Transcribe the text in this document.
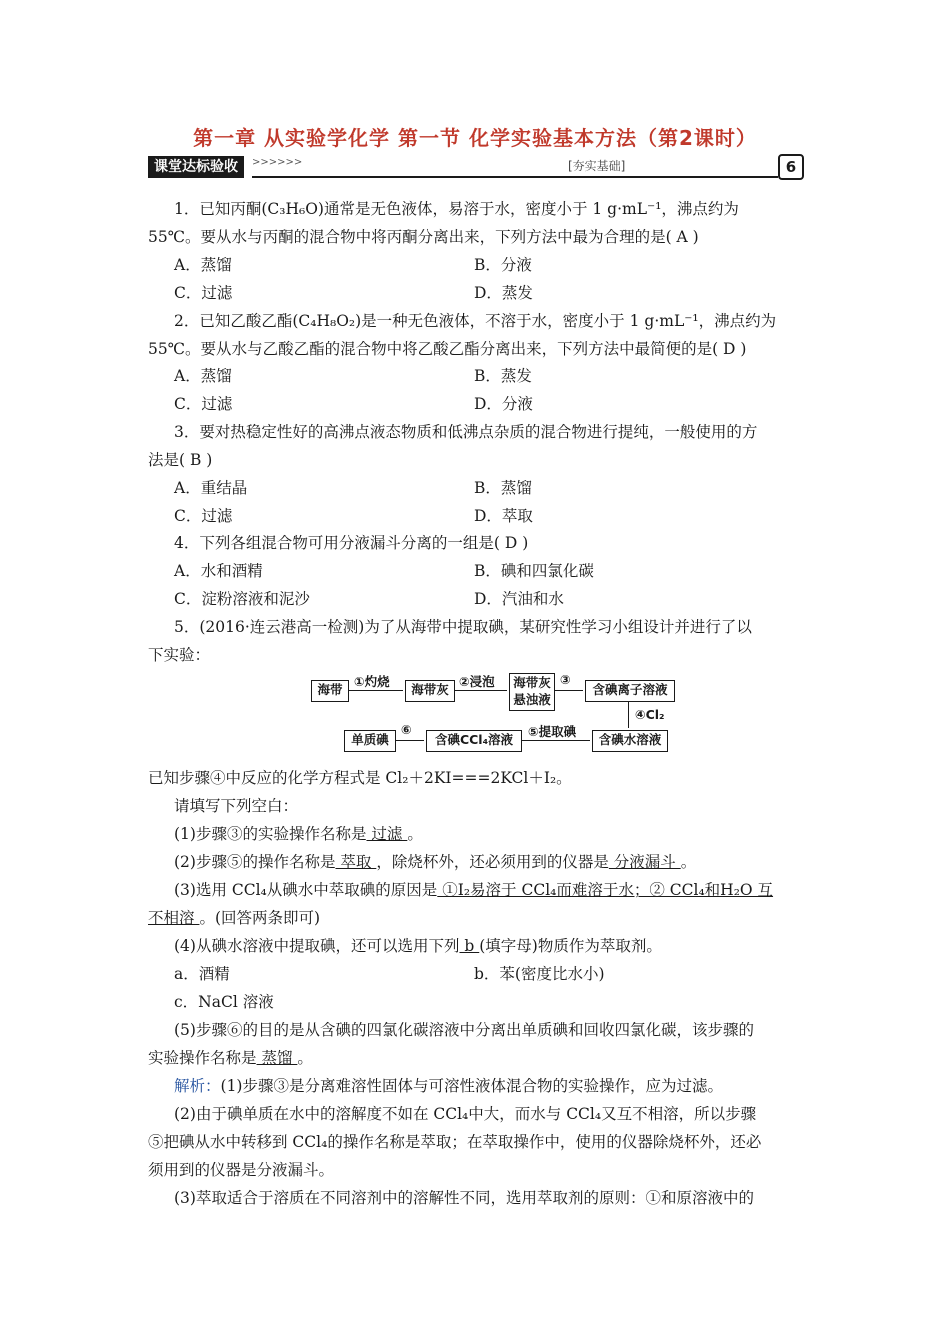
第一章 从实验学化学 第一节 化学实验基本方法（第2课时）
课堂达标验收	>>>>>>	[夯实基础]	6
1．已知丙酮(C₃H₆O)通常是无色液体，易溶于水，密度小于 1 g·mL⁻¹，沸点约为
55℃。要从水与丙酮的混合物中将丙酮分离出来，下列方法中最为合理的是( A )
A．蒸馏	B．分液
C．过滤	D．蒸发
2．已知乙酸乙酯(C₄H₈O₂)是一种无色液体，不溶于水，密度小于 1 g·mL⁻¹，沸点约为
55℃。要从水与乙酸乙酯的混合物中将乙酸乙酯分离出来，下列方法中最简便的是( D )
A．蒸馏	B．蒸发
C．过滤	D．分液
3．要对热稳定性好的高沸点液态物质和低沸点杂质的混合物进行提纯，一般使用的方
法是( B )
A．重结晶	B．蒸馏
C．过滤	D．萃取
4．下列各组混合物可用分液漏斗分离的一组是( D )
A．水和酒精	B．碘和四氯化碳
C．淀粉溶液和泥沙	D．汽油和水
5．(2016·连云港高一检测)为了从海带中提取碘，某研究性学习小组设计并进行了以
下实验：
海带
①灼烧
海带灰
②浸泡 海带灰
悬浊液
③
含碘离子溶液
④Cl₂
含碘水溶液
⑤提取碘
含碘CCl₄溶液
⑥
单质碘
已知步骤④中反应的化学方程式是 Cl₂＋2KI===2KCl＋I₂。
请填写下列空白：
(1)步骤③的实验操作名称是 过滤 。
(2)步骤⑤的操作名称是 萃取 ，除烧杯外，还必须用到的仪器是 分液漏斗 。
(3)选用 CCl₄从碘水中萃取碘的原因是 ①I₂易溶于 CCl₄而难溶于水；② CCl₄和H₂O 互
不相溶 。(回答两条即可)
(4)从碘水溶液中提取碘，还可以选用下列 b (填字母)物质作为萃取剂。
a．酒精	b．苯(密度比水小)
c．NaCl 溶液
(5)步骤⑥的目的是从含碘的四氯化碳溶液中分离出单质碘和回收四氯化碳，该步骤的
实验操作名称是 蒸馏 。
解析：(1)步骤③是分离难溶性固体与可溶性液体混合物的实验操作，应为过滤。
(2)由于碘单质在水中的溶解度不如在 CCl₄中大，而水与 CCl₄又互不相溶，所以步骤
⑤把碘从水中转移到 CCl₄的操作名称是萃取；在萃取操作中，使用的仪器除烧杯外，还必
须用到的仪器是分液漏斗。
(3)萃取适合于溶质在不同溶剂中的溶解性不同，选用萃取剂的原则：①和原溶液中的
